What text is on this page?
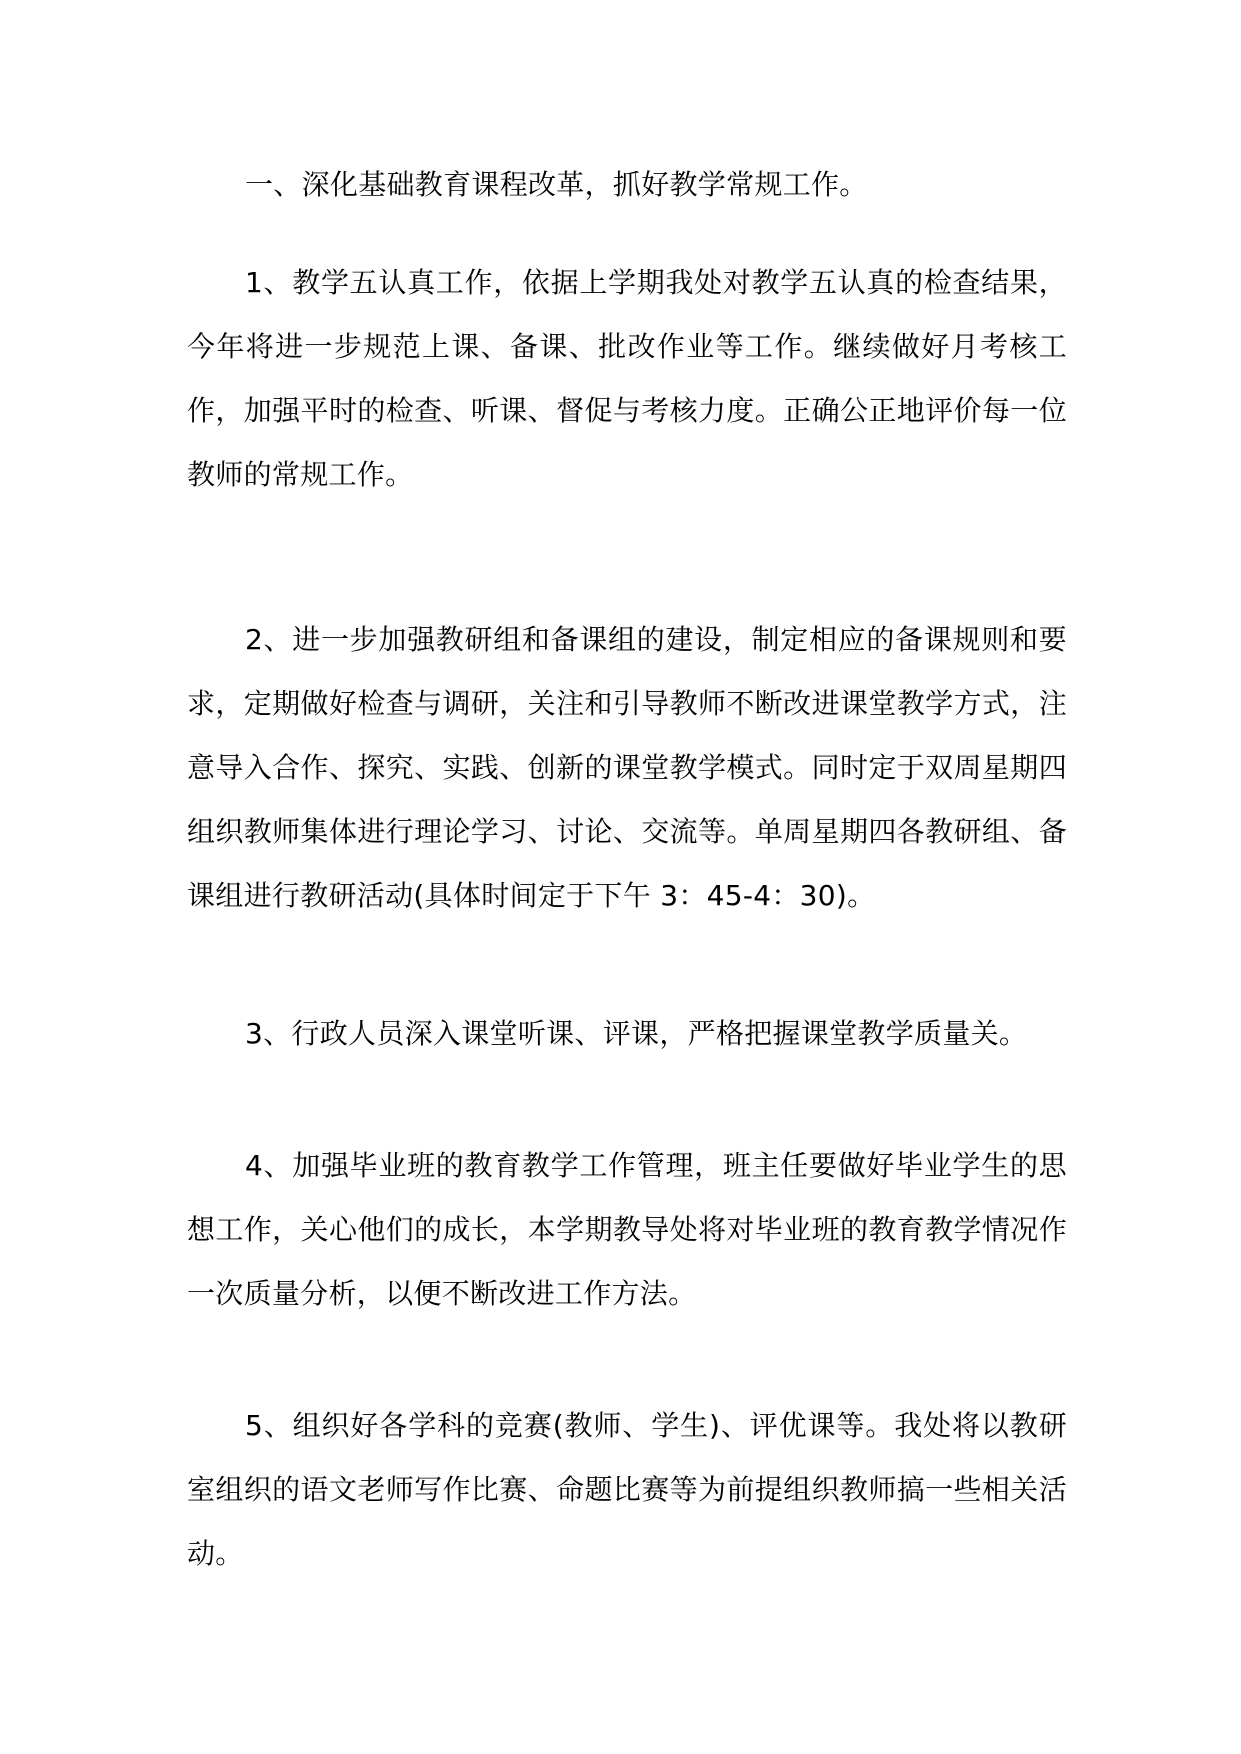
一、深化基础教育课程改革，抓好教学常规工作。

1、教学五认真工作，依据上学期我处对教学五认真的检查结果，今年将进一步规范上课、备课、批改作业等工作。继续做好月考核工作，加强平时的检查、听课、督促与考核力度。正确公正地评价每一位教师的常规工作。

2、进一步加强教研组和备课组的建设，制定相应的备课规则和要求，定期做好检查与调研，关注和引导教师不断改进课堂教学方式，注意导入合作、探究、实践、创新的课堂教学模式。同时定于双周星期四组织教师集体进行理论学习、讨论、交流等。单周星期四各教研组、备课组进行教研活动(具体时间定于下午 3：45-4：30)。

3、行政人员深入课堂听课、评课，严格把握课堂教学质量关。

4、加强毕业班的教育教学工作管理，班主任要做好毕业学生的思想工作，关心他们的成长，本学期教导处将对毕业班的教育教学情况作一次质量分析，以便不断改进工作方法。

5、组织好各学科的竞赛(教师、学生)、评优课等。我处将以教研室组织的语文老师写作比赛、命题比赛等为前提组织教师搞一些相关活动。
